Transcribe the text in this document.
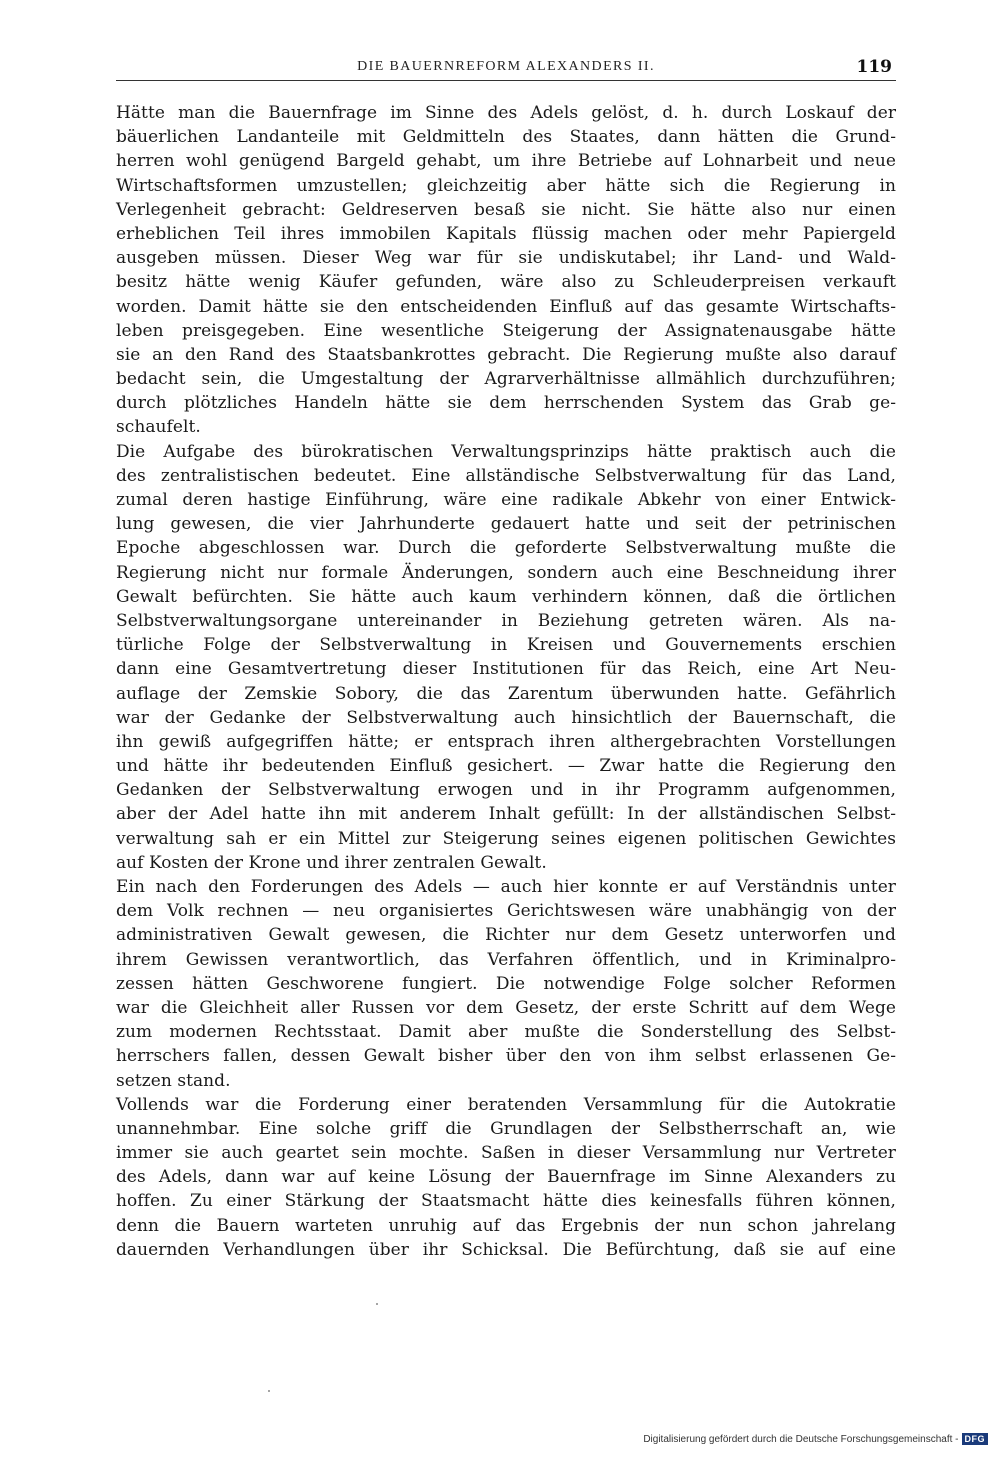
DIE BAUERNREFORM ALEXANDERS II.	119
Hätte man die Bauernfrage im Sinne des Adels gelöst, d. h. durch Loskauf der
bäuerlichen Landanteile mit Geldmitteln des Staates, dann hätten die Grund-
herren wohl genügend Bargeld gehabt, um ihre Betriebe auf Lohnarbeit und neue
Wirtschaftsformen umzustellen; gleichzeitig aber hätte sich die Regierung in
Verlegenheit gebracht: Geldreserven besaß sie nicht. Sie hätte also nur einen
erheblichen Teil ihres immobilen Kapitals flüssig machen oder mehr Papiergeld
ausgeben müssen. Dieser Weg war für sie undiskutabel; ihr Land- und Wald-
besitz hätte wenig Käufer gefunden, wäre also zu Schleuderpreisen verkauft
worden. Damit hätte sie den entscheidenden Einfluß auf das gesamte Wirtschafts-
leben preisgegeben. Eine wesentliche Steigerung der Assignatenausgabe hätte
sie an den Rand des Staatsbankrottes gebracht. Die Regierung mußte also darauf
bedacht sein, die Umgestaltung der Agrarverhältnisse allmählich durchzuführen;
durch plötzliches Handeln hätte sie dem herrschenden System das Grab ge-
schaufelt.
Die Aufgabe des bürokratischen Verwaltungsprinzips hätte praktisch auch die
des zentralistischen bedeutet. Eine allständische Selbstverwaltung für das Land,
zumal deren hastige Einführung, wäre eine radikale Abkehr von einer Entwick-
lung gewesen, die vier Jahrhunderte gedauert hatte und seit der petrinischen
Epoche abgeschlossen war. Durch die geforderte Selbstverwaltung mußte die
Regierung nicht nur formale Änderungen, sondern auch eine Beschneidung ihrer
Gewalt befürchten. Sie hätte auch kaum verhindern können, daß die örtlichen
Selbstverwaltungsorgane untereinander in Beziehung getreten wären. Als na-
türliche Folge der Selbstverwaltung in Kreisen und Gouvernements erschien
dann eine Gesamtvertretung dieser Institutionen für das Reich, eine Art Neu-
auflage der Zemskie Sobory, die das Zarentum überwunden hatte. Gefährlich
war der Gedanke der Selbstverwaltung auch hinsichtlich der Bauernschaft, die
ihn gewiß aufgegriffen hätte; er entsprach ihren althergebrachten Vorstellungen
und hätte ihr bedeutenden Einfluß gesichert. — Zwar hatte die Regierung den
Gedanken der Selbstverwaltung erwogen und in ihr Programm aufgenommen,
aber der Adel hatte ihn mit anderem Inhalt gefüllt: In der allständischen Selbst-
verwaltung sah er ein Mittel zur Steigerung seines eigenen politischen Gewichtes
auf Kosten der Krone und ihrer zentralen Gewalt.
Ein nach den Forderungen des Adels — auch hier konnte er auf Verständnis unter
dem Volk rechnen — neu organisiertes Gerichtswesen wäre unabhängig von der
administrativen Gewalt gewesen, die Richter nur dem Gesetz unterworfen und
ihrem Gewissen verantwortlich, das Verfahren öffentlich, und in Kriminalpro-
zessen hätten Geschworene fungiert. Die notwendige Folge solcher Reformen
war die Gleichheit aller Russen vor dem Gesetz, der erste Schritt auf dem Wege
zum modernen Rechtsstaat. Damit aber mußte die Sonderstellung des Selbst-
herrschers fallen, dessen Gewalt bisher über den von ihm selbst erlassenen Ge-
setzen stand.
Vollends war die Forderung einer beratenden Versammlung für die Autokratie
unannehmbar. Eine solche griff die Grundlagen der Selbstherrschaft an, wie
immer sie auch geartet sein mochte. Saßen in dieser Versammlung nur Vertreter
des Adels, dann war auf keine Lösung der Bauernfrage im Sinne Alexanders zu
hoffen. Zu einer Stärkung der Staatsmacht hätte dies keinesfalls führen können,
denn die Bauern warteten unruhig auf das Ergebnis der nun schon jahrelang
dauernden Verhandlungen über ihr Schicksal. Die Befürchtung, daß sie auf eine
Digitalisierung gefördert durch die Deutsche Forschungsgemeinschaft - DFG
